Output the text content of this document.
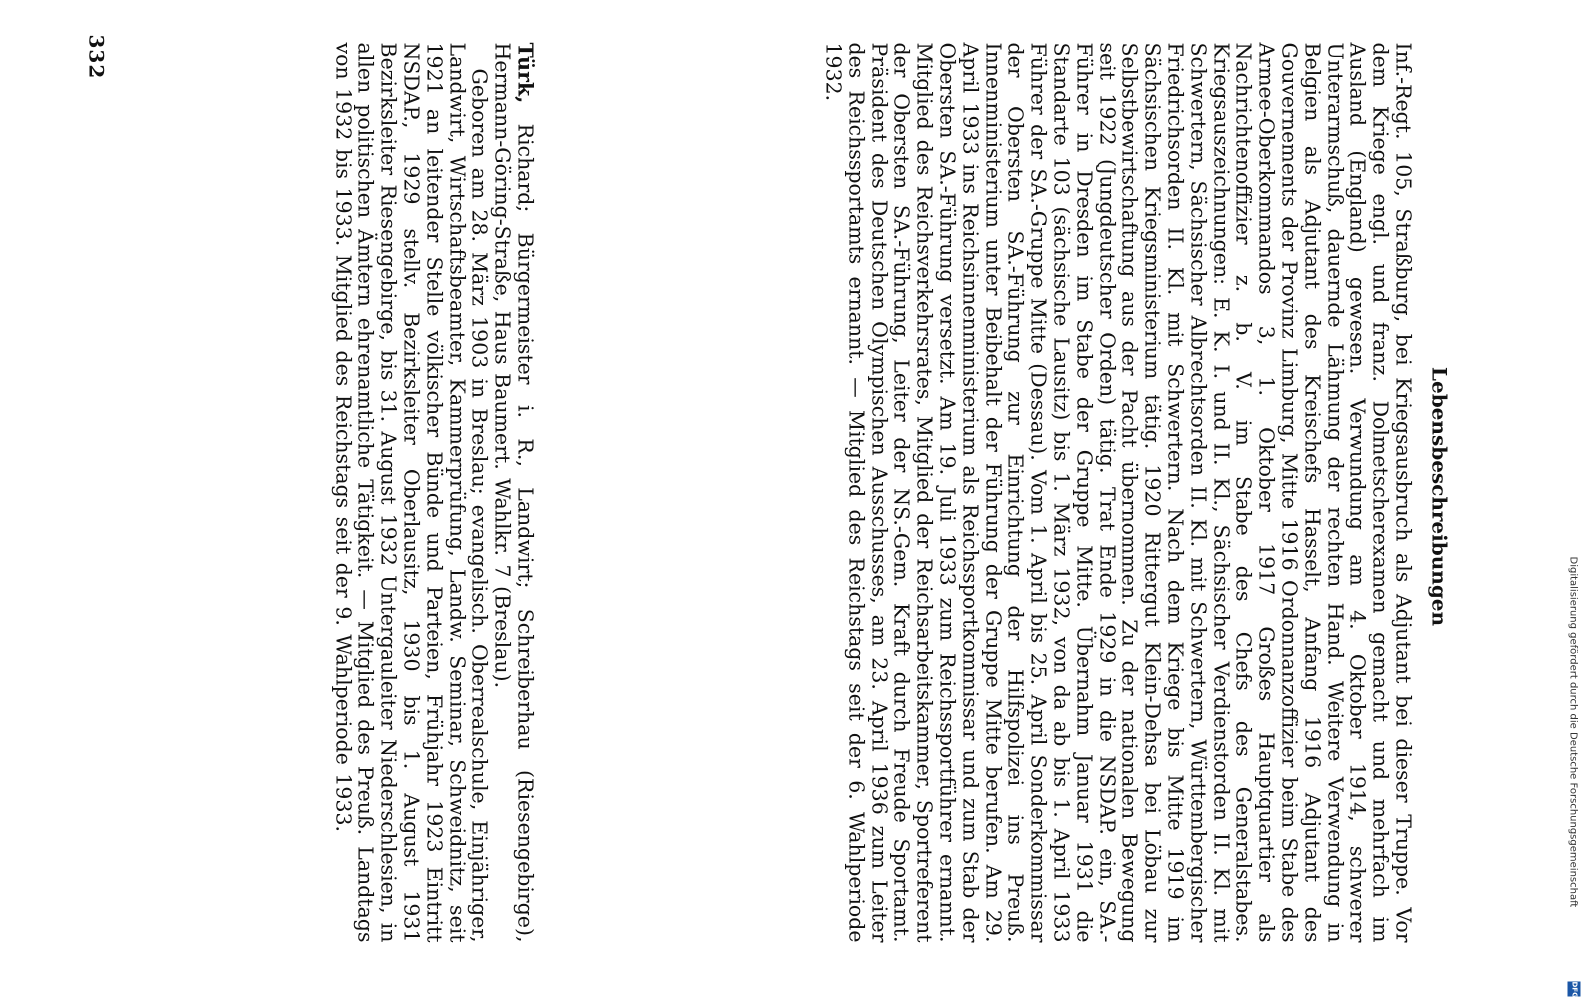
Lebensbeschreibungen

Inf.-Regt. 105, Straßburg, bei Kriegsausbruch als Adjutant bei dieser Truppe. Vor dem Kriege engl. und franz. Dolmetscherexamen gemacht und mehrfach im Ausland (England) gewesen. Verwundung am 4. Oktober 1914, schwerer Unterarmschuß, dauernde Lähmung der rechten Hand. Weitere Verwendung in Belgien als Adjutant des Kreischefs Hasselt, Anfang 1916 Adjutant des Gouvernements der Provinz Limburg, Mitte 1916 Ordonnanzoffizier beim Stabe des Armee-Oberkommandos 3, 1. Oktober 1917 Großes Hauptquartier als Nachrichtenoffizier z. b. V. im Stabe des Chefs des Generalstabes. Kriegsauszeichnungen: E. K. I. und II. Kl., Sächsischer Verdienstorden II. Kl. mit Schwertern, Sächsischer Albrechtsorden II. Kl. mit Schwertern, Württembergischer Friedrichsorden II. Kl. mit Schwertern. Nach dem Kriege bis Mitte 1919 im Sächsischen Kriegsministerium tätig. 1920 Rittergut Klein-Dehsa bei Löbau zur Selbstbewirtschaftung aus der Pacht übernommen. Zu der nationalen Bewegung seit 1922 (Jungdeutscher Orden) tätig. Trat Ende 1929 in die NSDAP. ein, SA.-Führer in Dresden im Stabe der Gruppe Mitte. Übernahm Januar 1931 die Standarte 103 (sächsische Lausitz) bis 1. März 1932, von da ab bis 1. April 1933 Führer der SA.-Gruppe Mitte (Dessau). Vom 1. April bis 25. April Sonderkommissar der Obersten SA.-Führung zur Einrichtung der Hilfspolizei ins Preuß. Innenministerium unter Beibehalt der Führung der Gruppe Mitte berufen. Am 29. April 1933 ins Reichsinnenministerium als Reichssportkommissar und zum Stab der Obersten SA.-Führung versetzt. Am 19. Juli 1933 zum Reichssportführer ernannt. Mitglied des Reichsverkehrsrates, Mitglied der Reichsarbeitskammer, Sportreferent der Obersten SA.-Führung, Leiter der NS.-Gem. Kraft durch Freude Sportamt. Präsident des Deutschen Olympischen Ausschusses, am 23. April 1936 zum Leiter des Reichssportamts ernannt. — Mitglied des Reichstags seit der 6. Wahlperiode 1932.

Türk, Richard; Bürgermeister i. R., Landwirt; Schreiberhau (Riesengebirge), Hermann-Göring-Straße, Haus Baumert. Wahlkr. 7 (Breslau).

Geboren am 28. März 1903 in Breslau; evangelisch. Oberrealschule, Einjähriger, Landwirt, Wirtschaftsbeamter, Kammerprüfung, Landw. Seminar, Schweidnitz, seit 1921 an leitender Stelle völkischer Bünde und Parteien, Frühjahr 1923 Eintritt NSDAP., 1929 stellv. Bezirksleiter Oberlausitz, 1930 bis 1. August 1931 Bezirksleiter Riesengebirge, bis 31. August 1932 Untergauleiter Niederschlesien, in allen politischen Ämtern ehrenamtliche Tätigkeit. — Mitglied des Preuß. Landtags von 1932 bis 1933. Mitglied des Reichstags seit der 9. Wahlperiode 1933.

332
Digitalisierung gefördert durch die Deutsche Forschungsgemeinschaft
DFG
